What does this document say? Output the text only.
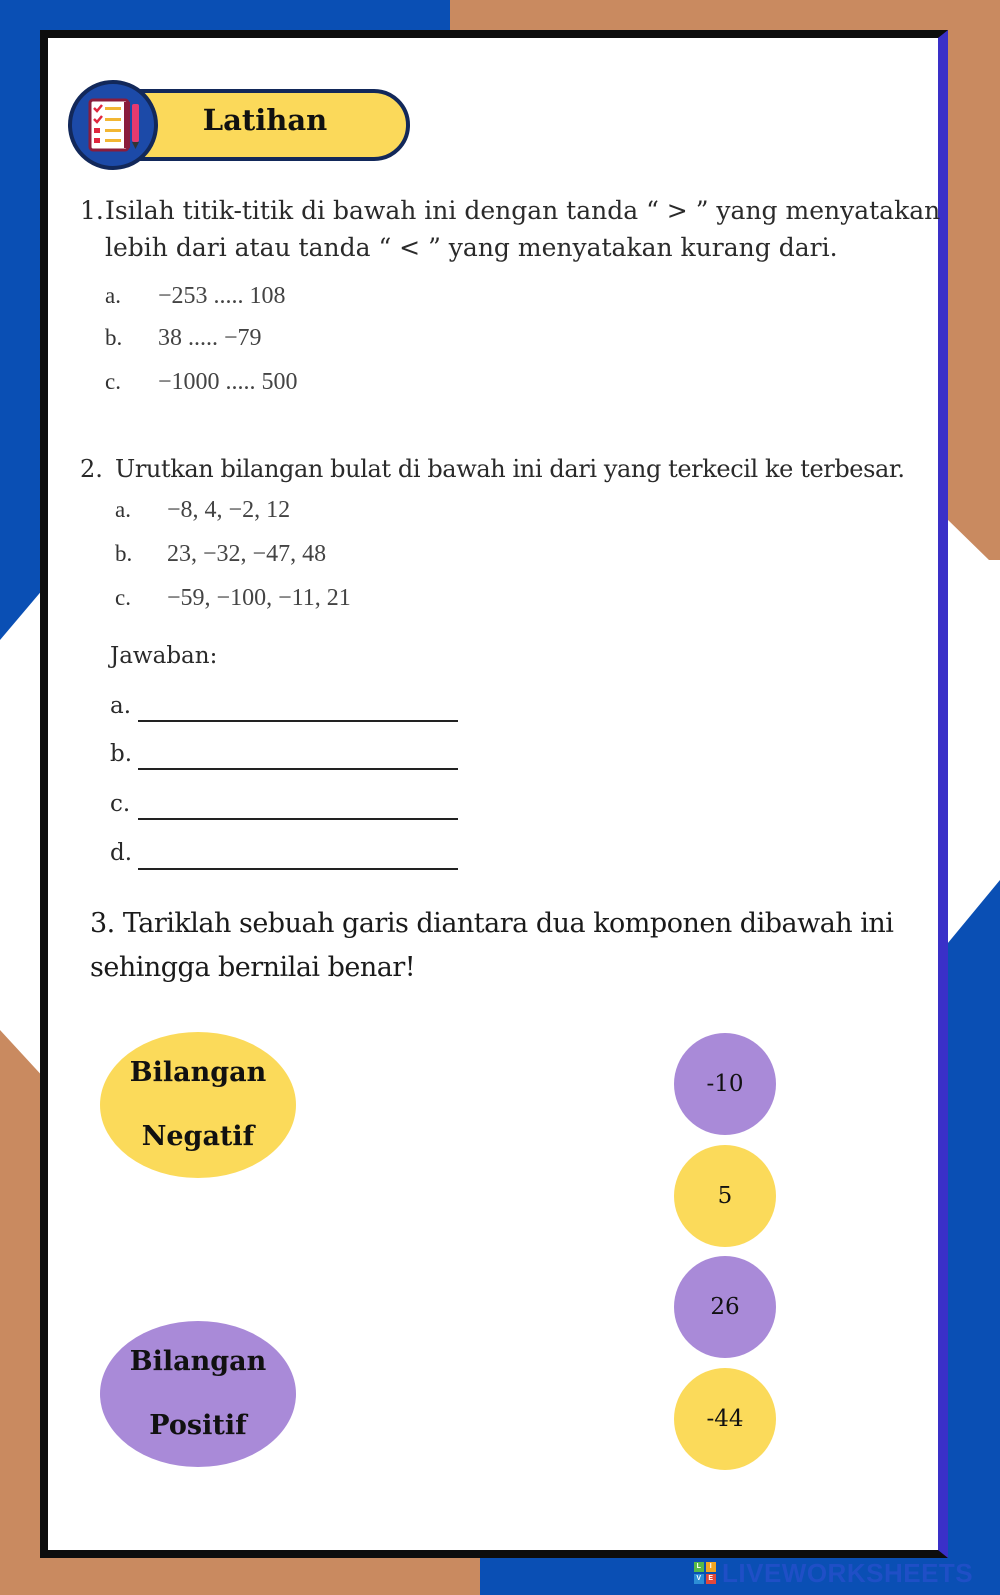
Latihan
1. Isilah titik-titik di bawah ini dengan tanda “ > ” yang menyatakan
lebih dari atau tanda “ < ” yang menyatakan kurang dari.
a. −253 ..... 108
b. 38 ..... −79
c. −1000 ..... 500
2. Urutkan bilangan bulat di bawah ini dari yang terkecil ke terbesar.
a. −8, 4, −2, 12
b. 23, −32, −47, 48
c. −59, −100, −11, 21
Jawaban:
a.
b.
c.
d.
3. Tariklah sebuah garis diantara dua komponen dibawah ini
sehingga bernilai benar!
Bilangan
Negatif
Bilangan
Positif
-10
5
26
-44
L	I
V E LIVEWORKSHEETS
